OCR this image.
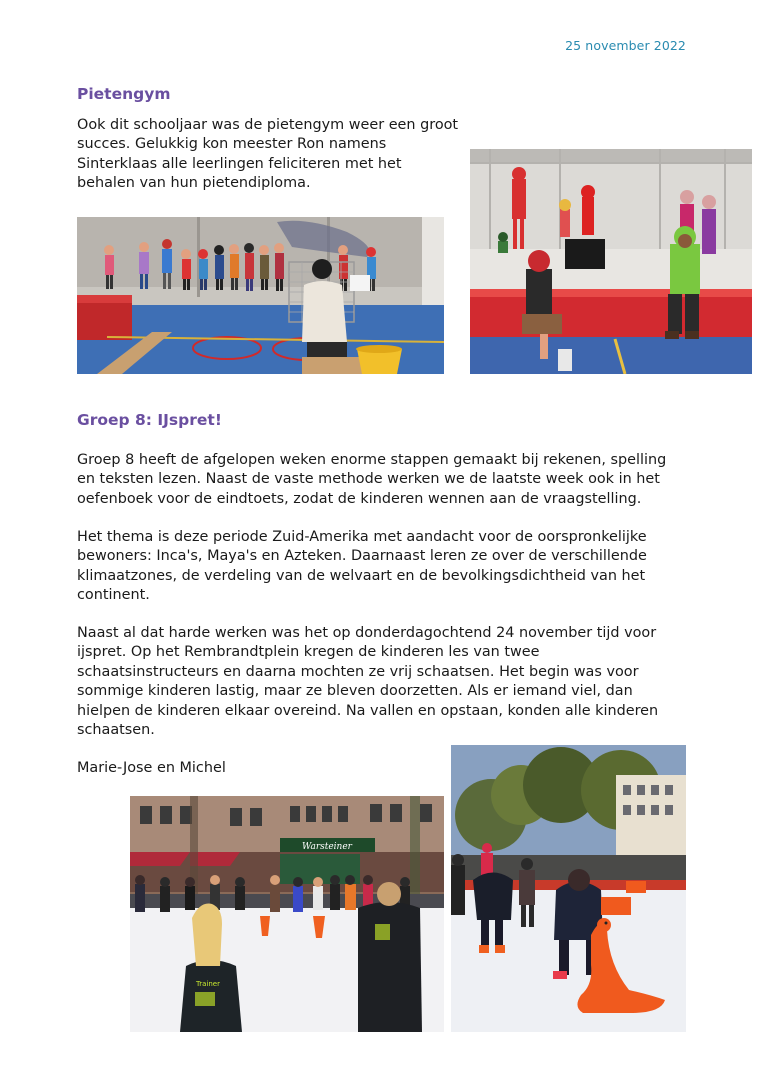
25 november 2022
Pietengym
Ook dit schooljaar was de pietengym weer een groot
succes. Gelukkig kon meester Ron namens
Sinterklaas alle leerlingen feliciteren met het
behalen van hun pietendiploma.
Groep 8: IJspret!
Groep 8 heeft de afgelopen weken enorme stappen gemaakt bij rekenen, spelling
en teksten lezen. Naast de vaste methode werken we de laatste week ook in het
oefenboek voor de eindtoets, zodat de kinderen wennen aan de vraagstelling.
Het thema is deze periode Zuid-Amerika met aandacht voor de oorspronkelijke
bewoners: Inca's, Maya's en Azteken. Daarnaast leren ze over de verschillende
klimaatzones, de verdeling van de welvaart en de bevolkingsdichtheid van het
continent.
Naast al dat harde werken was het op donderdagochtend 24 november tijd voor
ijspret. Op het Rembrandtplein kregen de kinderen les van twee
schaatsinstructeurs en daarna mochten ze vrij schaatsen. Het begin was voor
sommige kinderen lastig, maar ze bleven doorzetten. Als er iemand viel, dan
hielpen de kinderen elkaar overeind. Na vallen en opstaan, konden alle kinderen
schaatsen.
Marie-Jose en Michel
Warsteiner
Trainer
